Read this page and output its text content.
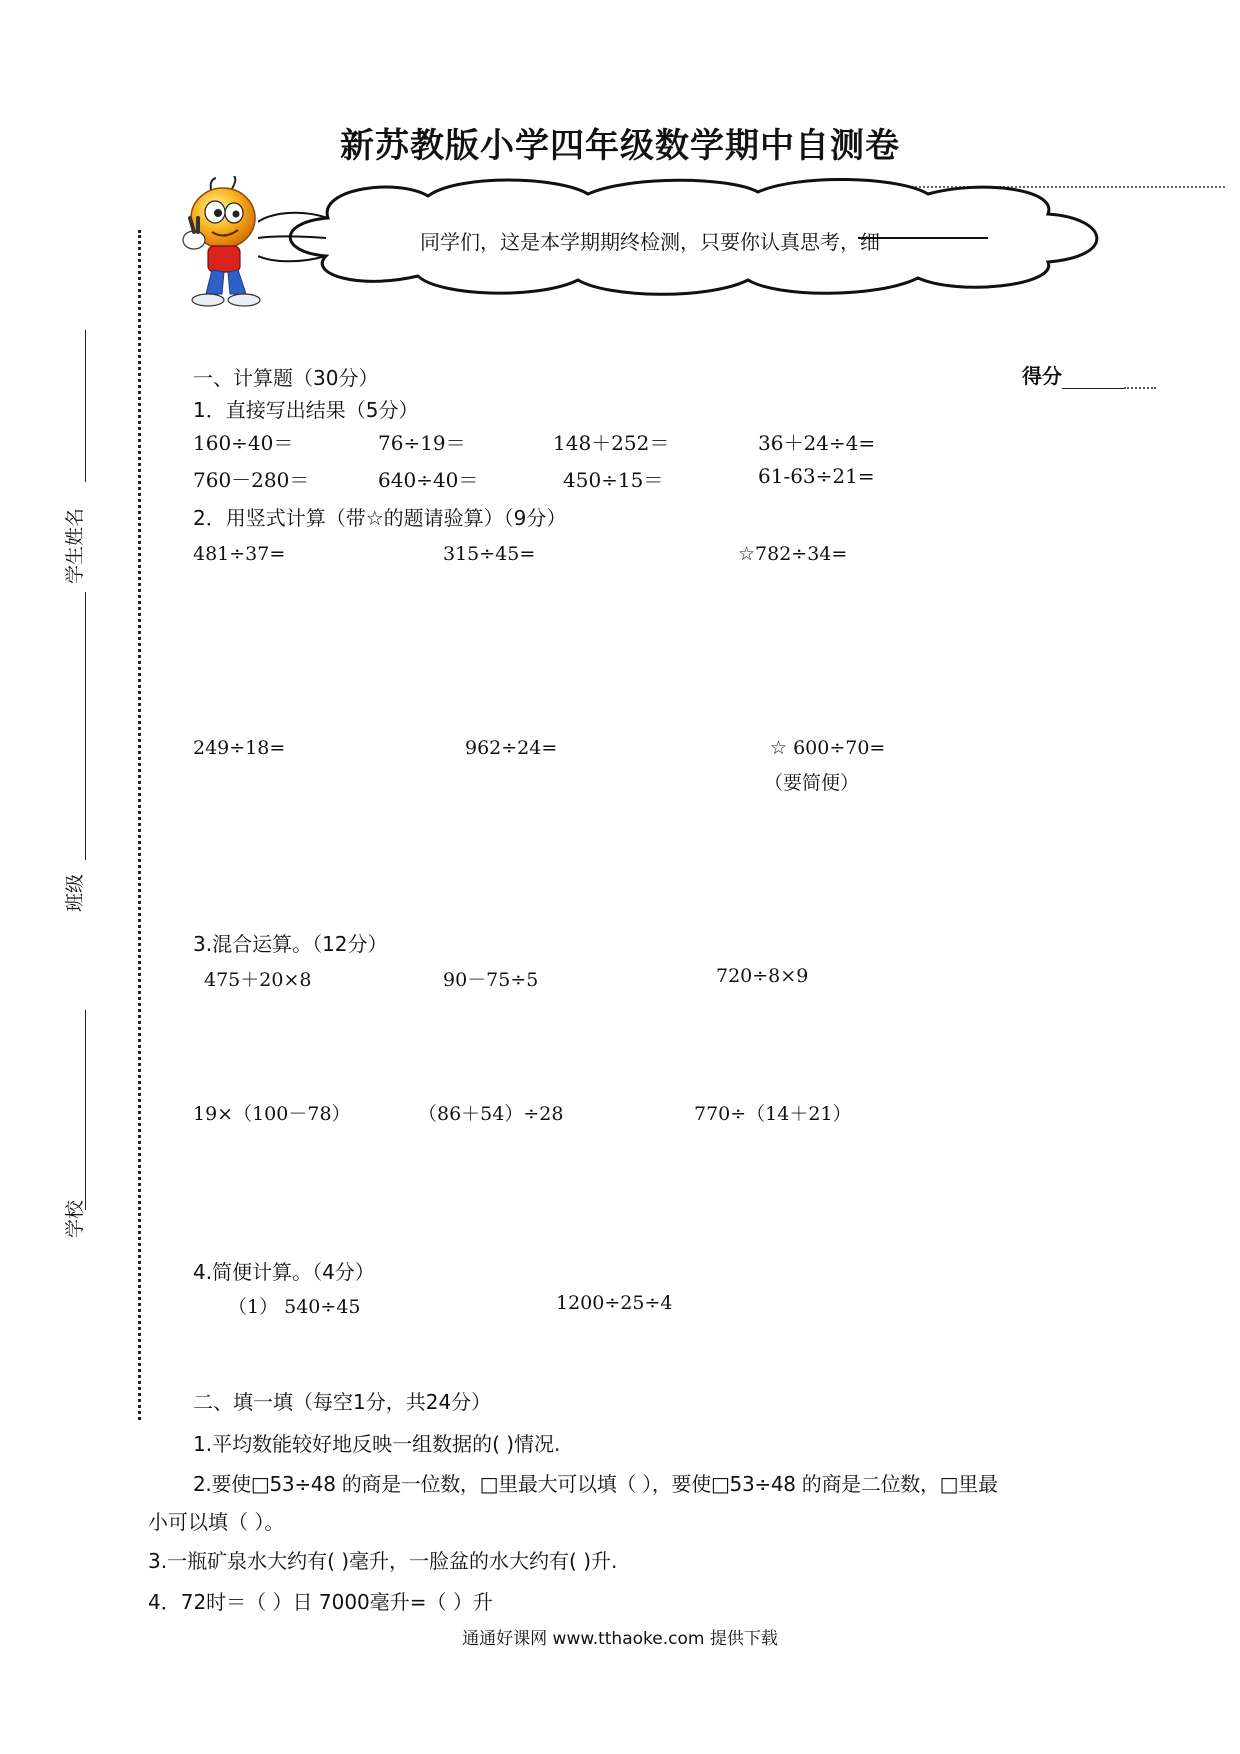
新苏教版小学四年级数学期中自测卷
同学们，这是本学期期终检测，只要你认真思考，细
学生姓名
班级
学校
得分
一、计算题（30分）
1．直接写出结果（5分）
160÷40＝	76÷19＝	148＋252＝	36＋24÷4=
760－280＝	640÷40＝	450÷15＝	61-63÷21=
2．用竖式计算（带☆的题请验算）（9分）
481÷37=	315÷45=	☆782÷34=
249÷18=	962÷24=	☆ 600÷70=
（要简便）
3.混合运算。（12分）
475＋20×8	90－75÷5	720÷8×9
19×（100－78）	（86＋54）÷28	770÷（14＋21）
4.简便计算。（4分）
（1） 540÷45	1200÷25÷4
二、填一填（每空1分，共24分）
1.平均数能较好地反映一组数据的( )情况.
2.要使□53÷48 的商是一位数，□里最大可以填（ ），要使□53÷48 的商是二位数，□里最
小可以填（ ）。
3.一瓶矿泉水大约有( )毫升，一脸盆的水大约有( )升.
4．72时＝（ ）日 7000毫升=（ ）升
通通好课网 www.tthaoke.com 提供下载
